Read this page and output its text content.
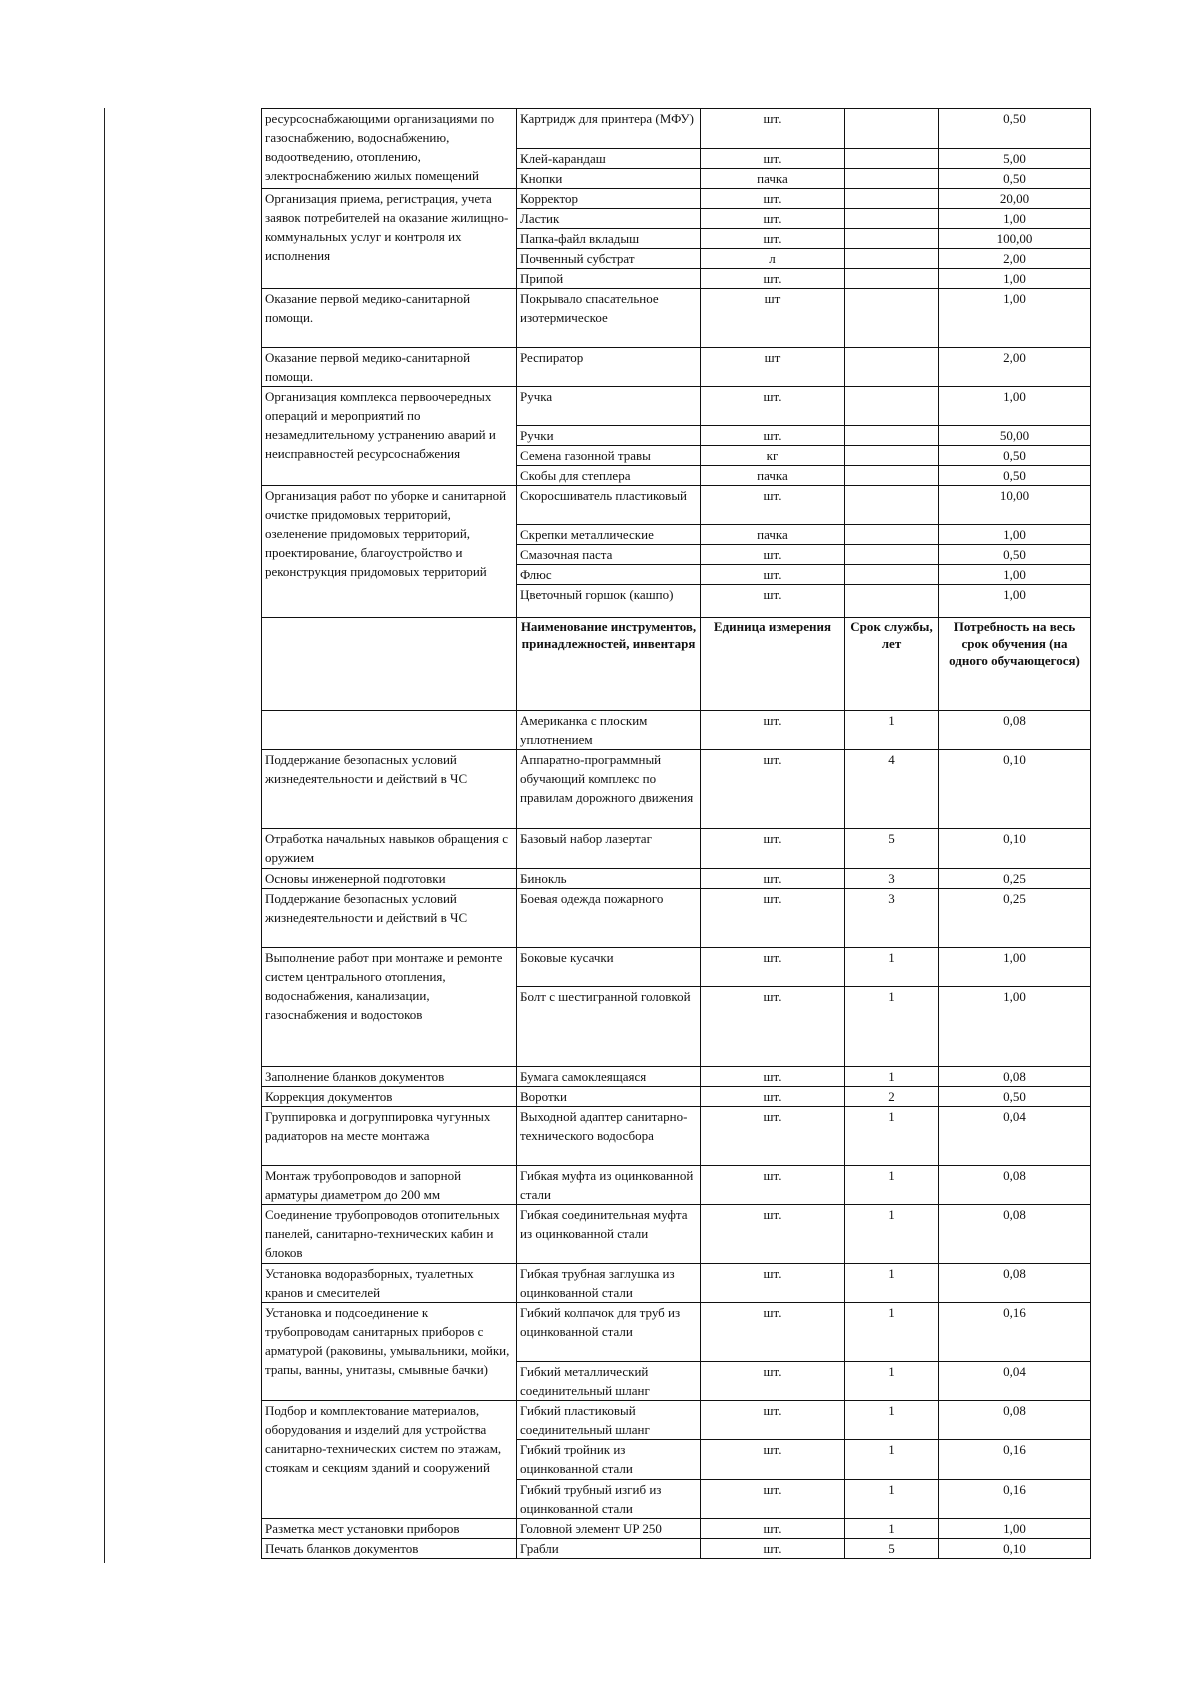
ресурсоснабжающими организациями по газоснабжению, водоснабжению, водоотведению, отоплению, электроснабжению жилых помещений	Картридж для принтера (МФУ)	шт.		0,50
	Клей-карандаш	шт.		5,00
	Кнопки	пачка		0,50
Организация приема, регистрация, учета заявок потребителей на оказание жилищно-коммунальных услуг и контроля их исполнения	Корректор	шт.		20,00
	Ластик	шт.		1,00
	Папка-файл вкладыш	шт.		100,00
	Почвенный субстрат	л		2,00
	Припой	шт.		1,00
Оказание первой медико-санитарной помощи.	Покрывало спасательное изотермическое	шт		1,00
Оказание первой медико-санитарной помощи.	Респиратор	шт		2,00
Организация комплекса первоочередных операций и мероприятий по незамедлительному устранению аварий и неисправностей ресурсоснабжения	Ручка	шт.		1,00
	Ручки	шт.		50,00
	Семена газонной травы	кг		0,50
	Скобы для степлера	пачка		0,50
Организация работ по уборке и санитарной очистке придомовых территорий, озеленение придомовых территорий, проектирование, благоустройство и реконструкция придомовых территорий	Скоросшиватель пластиковый	шт.		10,00
	Скрепки металлические	пачка		1,00
	Смазочная паста	шт.		0,50
	Флюс	шт.		1,00
	Цветочный горшок (кашпо)	шт.		1,00
	Наименование инструментов, принадлежностей, инвентаря	Единица измерения	Срок службы, лет	Потребность на весь срок обучения (на одного обучающегося)
	Американка с плоским уплотнением	шт.	1	0,08
Поддержание безопасных условий жизнедеятельности и действий в ЧС	Аппаратно-программный обучающий комплекс по правилам дорожного движения	шт.	4	0,10
Отработка начальных навыков обращения с оружием	Базовый набор лазертаг	шт.	5	0,10
Основы инженерной подготовки	Бинокль	шт.	3	0,25
Поддержание безопасных условий жизнедеятельности и действий в ЧС	Боевая одежда пожарного	шт.	3	0,25
Выполнение работ при монтаже и ремонте систем центрального отопления, водоснабжения, канализации, газоснабжения и водостоков	Боковые кусачки	шт.	1	1,00
	Болт с шестигранной головкой	шт.	1	1,00
Заполнение бланков документов	Бумага самоклеящаяся	шт.	1	0,08
Коррекция документов	Воротки	шт.	2	0,50
Группировка и догруппировка чугунных радиаторов на месте монтажа	Выходной адаптер санитарно-технического водосбора	шт.	1	0,04
Монтаж трубопроводов и запорной арматуры диаметром до 200 мм	Гибкая муфта из оцинкованной стали	шт.	1	0,08
Соединение трубопроводов отопительных панелей, санитарно-технических кабин и блоков	Гибкая соединительная муфта из оцинкованной стали	шт.	1	0,08
Установка водоразборных, туалетных кранов и смесителей	Гибкая трубная заглушка из оцинкованной стали	шт.	1	0,08
Установка и подсоединение к трубопроводам санитарных приборов с арматурой (раковины, умывальники, мойки, трапы, ванны, унитазы, смывные бачки)	Гибкий колпачок для труб из оцинкованной стали	шт.	1	0,16
	Гибкий металлический соединительный шланг	шт.	1	0,04
Подбор и комплектование материалов, оборудования и изделий для устройства санитарно-технических систем по этажам, стоякам и секциям зданий и сооружений	Гибкий пластиковый соединительный шланг	шт.	1	0,08
	Гибкий тройник из оцинкованной стали	шт.	1	0,16
	Гибкий трубный изгиб из оцинкованной стали	шт.	1	0,16
Разметка мест установки приборов	Головной элемент UP 250	шт.	1	1,00
Печать бланков документов	Грабли	шт.	5	0,10
